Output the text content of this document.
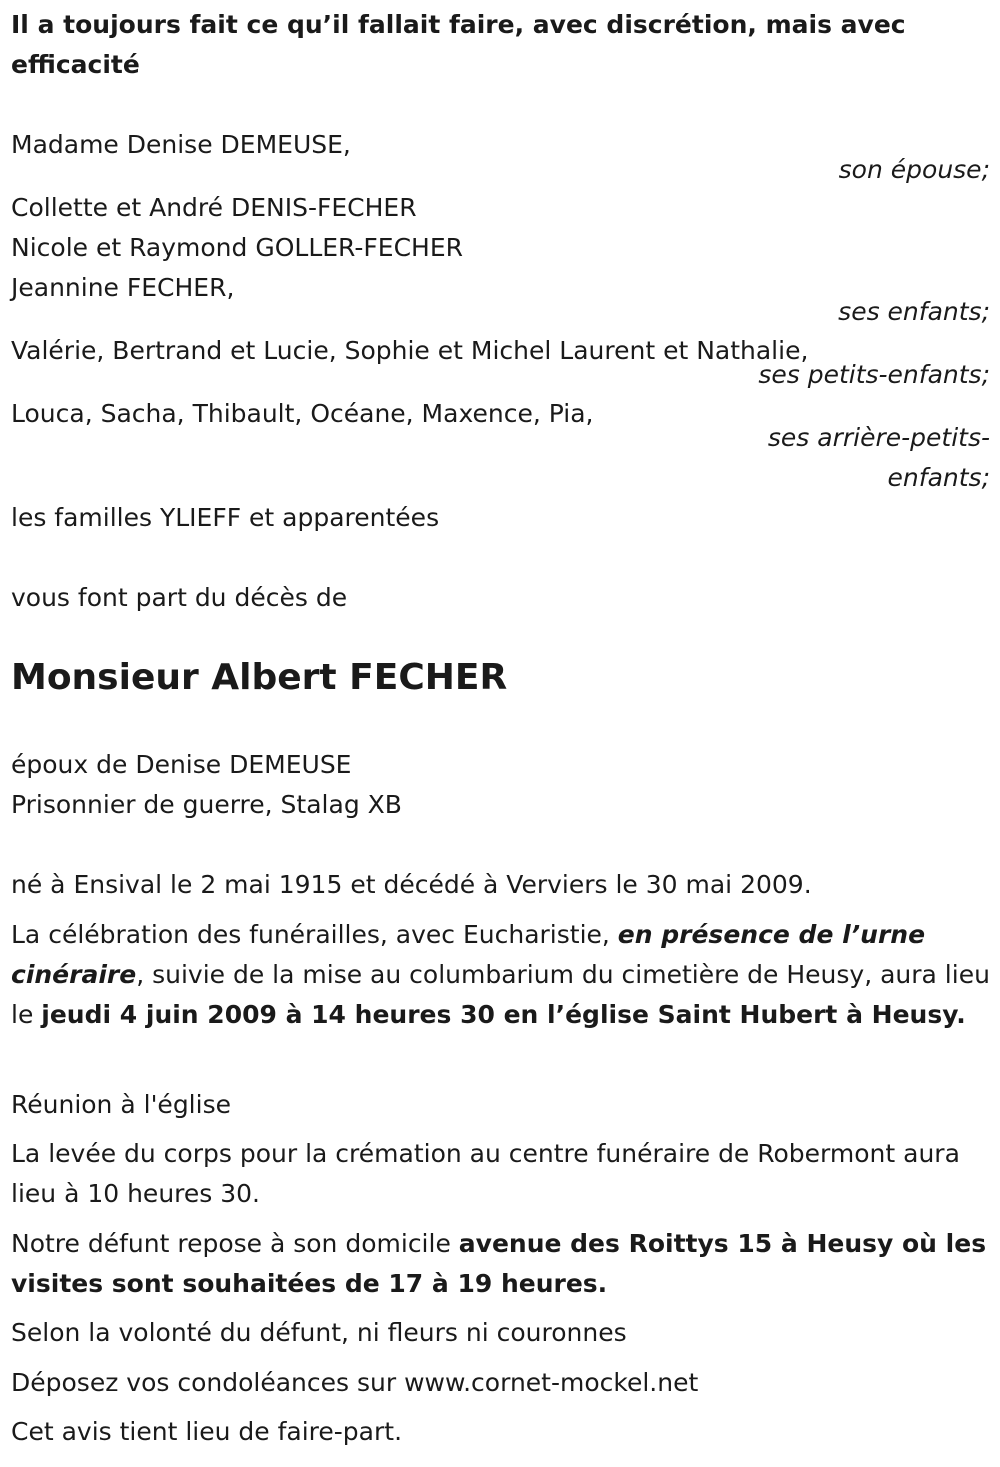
Il a toujours fait ce qu’il fallait faire, avec discrétion, mais avec efficacité
Madame Denise DEMEUSE,
son épouse;
Collette et André DENIS-FECHER
Nicole et Raymond GOLLER-FECHER
Jeannine FECHER,
ses enfants;
Valérie, Bertrand et Lucie, Sophie et Michel Laurent et Nathalie,
ses petits-enfants;
Louca, Sacha, Thibault, Océane, Maxence, Pia,
ses arrière-petits-
enfants;
les familles YLIEFF et apparentées
vous font part du décès de
Monsieur Albert FECHER
époux de Denise DEMEUSE
Prisonnier de guerre, Stalag XB
né à Ensival le 2 mai 1915 et décédé à Verviers le 30 mai 2009.
La célébration des funérailles, avec Eucharistie, en présence de l’urne cinéraire, suivie de la mise au columbarium du cimetière de Heusy, aura lieu le jeudi 4 juin 2009 à 14 heures 30 en l’église Saint Hubert à Heusy.
Réunion à l'église
La levée du corps pour la crémation au centre funéraire de Robermont aura lieu à 10 heures 30.
Notre défunt repose à son domicile avenue des Roittys 15 à Heusy où les visites sont souhaitées de 17 à 19 heures.
Selon la volonté du défunt, ni fleurs ni couronnes
Déposez vos condoléances sur www.cornet-mockel.net
Cet avis tient lieu de faire-part.
